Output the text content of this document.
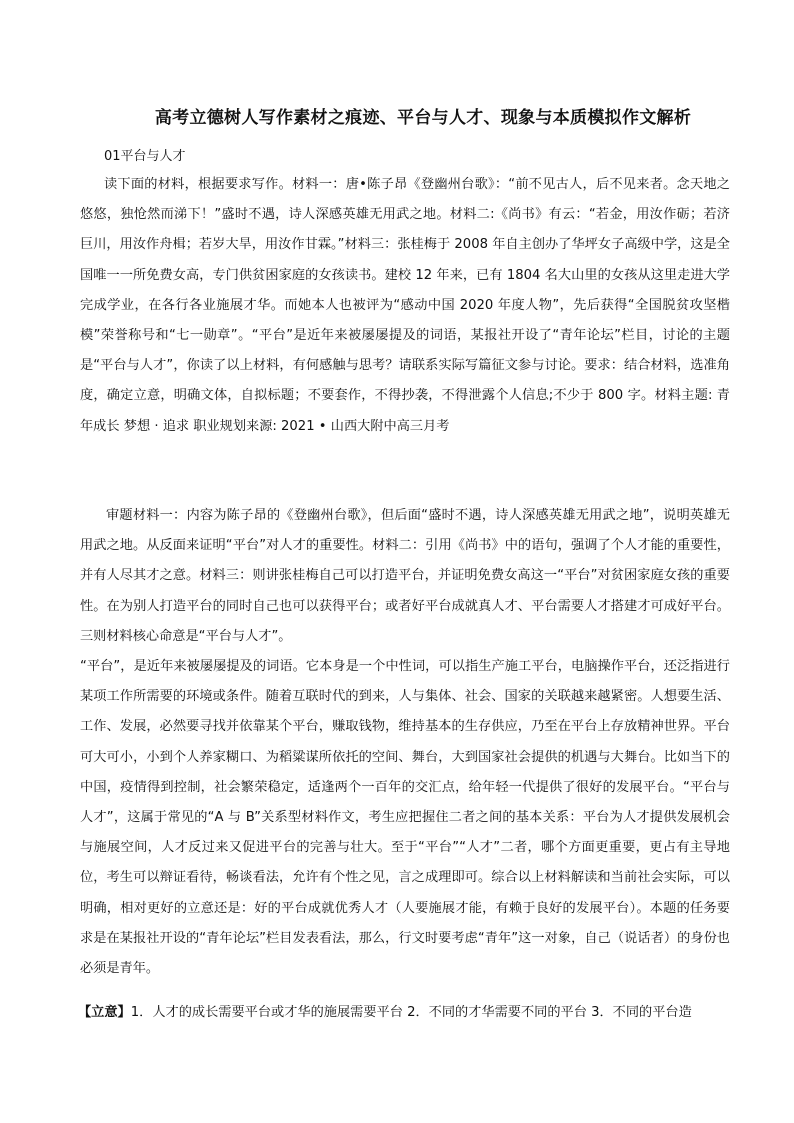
高考立德树人写作素材之痕迹、平台与人才、现象与本质模拟作文解析
01平台与人才

读下面的材料，根据要求写作。材料一：唐•陈子昂《登幽州台歌》：“前不见古人，后不见来者。念天地之悠悠，独怆然而涕下！”盛时不遇，诗人深感英雄无用武之地。材料二:《尚书》有云：“若金，用汝作砺；若济巨川，用汝作舟楫；若岁大旱，用汝作甘霖。”材料三：张桂梅于 2008 年自主创办了华坪女子高级中学，这是全国唯一一所免费女高，专门供贫困家庭的女孩读书。建校 12 年来，已有 1804 名大山里的女孩从这里走进大学完成学业，在各行各业施展才华。而她本人也被评为“感动中国 2020 年度人物”，先后获得“全国脱贫攻坚楷模”荣誉称号和“七一勋章”。“平台”是近年来被屡屡提及的词语，某报社开设了“青年论坛”栏目，讨论的主题是“平台与人才”，你读了以上材料，有何感触与思考？请联系实际写篇征文参与讨论。要求：结合材料，选准角度，确定立意，明确文体，自拟标题；不要套作，不得抄袭，不得泄露个人信息;不少于 800 字。材料主题: 青年成长 梦想 · 追求 职业规划来源: 2021 • 山西大附中高三月考

审题材料一：内容为陈子昂的《登幽州台歌》，但后面“盛时不遇，诗人深感英雄无用武之地”，说明英雄无用武之地。从反面来证明“平台”对人才的重要性。材料二：引用《尚书》中的语句，强调了个人才能的重要性，并有人尽其才之意。材料三：则讲张桂梅自己可以打造平台，并证明免费女高这一“平台”对贫困家庭女孩的重要性。在为别人打造平台的同时自己也可以获得平台；或者好平台成就真人才、平台需要人才搭建才可成好平台。三则材料核心命意是“平台与人才”。

“平台”，是近年来被屡屡提及的词语。它本身是一个中性词，可以指生产施工平台，电脑操作平台，还泛指进行某项工作所需要的环境或条件。随着互联时代的到来，人与集体、社会、国家的关联越来越紧密。人想要生活、工作、发展，必然要寻找并依靠某个平台，赚取钱物，维持基本的生存供应，乃至在平台上存放精神世界。平台可大可小，小到个人养家糊口、为稻粱谋所依托的空间、舞台，大到国家社会提供的机遇与大舞台。比如当下的中国，疫情得到控制，社会繁荣稳定，适逢两个一百年的交汇点，给年轻一代提供了很好的发展平台。“平台与人才”，这属于常见的“A 与 B”关系型材料作文，考生应把握住二者之间的基本关系：平台为人才提供发展机会与施展空间，人才反过来又促进平台的完善与壮大。至于“平台”“人才”二者，哪个方面更重要，更占有主导地位，考生可以辩证看待，畅谈看法，允许有个性之见，言之成理即可。综合以上材料解读和当前社会实际，可以明确，相对更好的立意还是：好的平台成就优秀人才（人要施展才能，有赖于良好的发展平台）。本题的任务要求是在某报社开设的“青年论坛”栏目发表看法，那么，行文时要考虑“青年”这一对象，自己（说话者）的身份也必须是青年。

【立意】1．人才的成长需要平台或才华的施展需要平台 2．不同的才华需要不同的平台 3．不同的平台造
